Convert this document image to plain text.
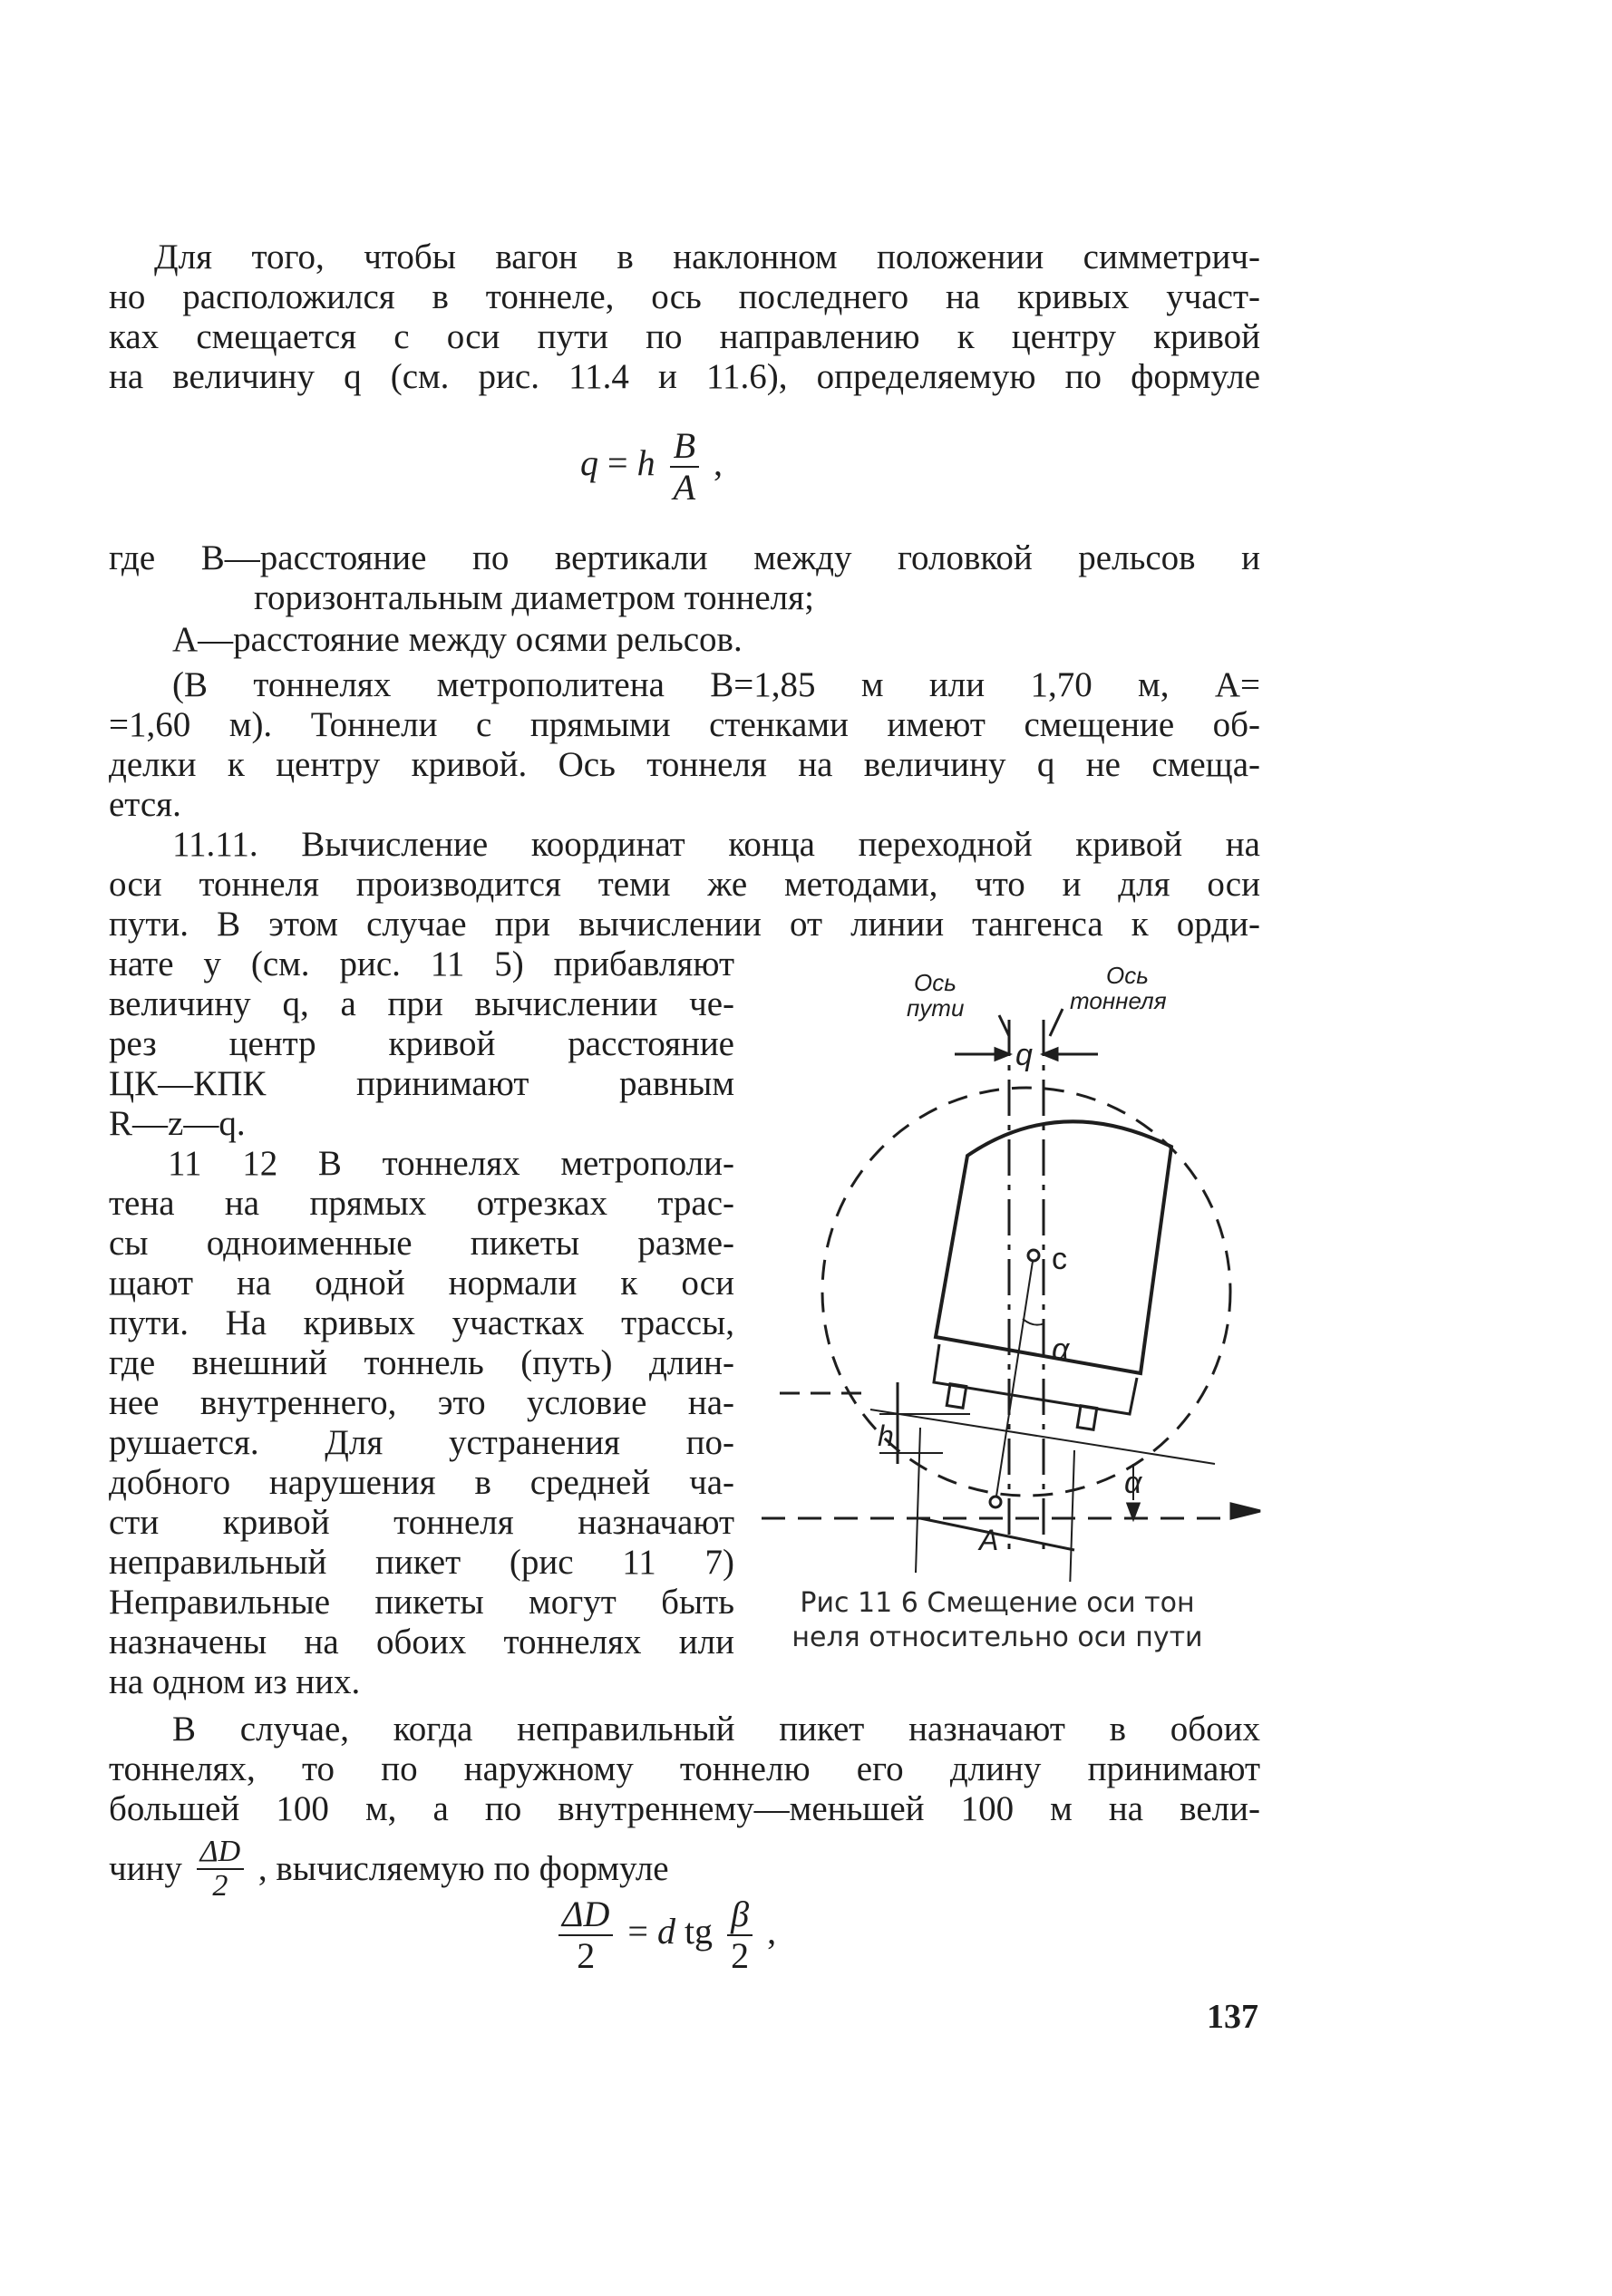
Для того, чтобы вагон в наклонном положении симметрич-
но расположился в тоннеле, ось последнего на кривых участ-
ках смещается с оси пути по направлению к центру кривой
на величину q (см. рис. 11.4 и 11.6), определяемую по формуле
q = h $\frac{B}{A}$ ,
где B—расстояние по вертикали между головкой рельсов и
горизонтальным диаметром тоннеля;
A—расстояние между осями рельсов.
(В тоннелях метрополитена B=1,85 м или 1,70 м, A=
=1,60 м). Тоннели с прямыми стенками имеют смещение об-
делки к центру кривой. Ось тоннеля на величину q не смеща-
ется.
11.11. Вычисление координат конца переходной кривой на
оси тоннеля производится теми же методами, что и для оси
пути. В этом случае при вычислении от линии тангенса к орди-
нате y (см. рис. 11 5) прибавляют
величину q, а при вычислении че-
рез центр кривой расстояние
ЦК—КПК принимают равным
R—z—q.
11 12 В тоннелях метрополи-
тена на прямых отрезках трас-
сы одноименные пикеты разме-
щают на одной нормали к оси
пути. На кривых участках трассы,
где внешний тоннель (путь) длин-
нее внутреннего, это условие на-
рушается. Для устранения по-
добного нарушения в средней ча-
сти кривой тоннеля назначают
неправильный пикет (рис 11 7)
Неправильные пикеты могут быть
назначены на обоих тоннелях или
на одном из них.
Ось
пути
Ось
тоннеля
q
c
α
h
α
A
Рис 11 6 Смещение оси тон
неля относительно оси пути
В случае, когда неправильный пикет назначают в обоих
тоннелях, то по наружному тоннелю его длину принимают
большей 100 м, а по внутреннему—меньшей 100 м на вели-
чину $\frac{\Delta D}{2}$ , вычисляемую по формуле
$\frac{\Delta D}{2} = d$ tg $\frac{\beta}{2}$ ,
137
